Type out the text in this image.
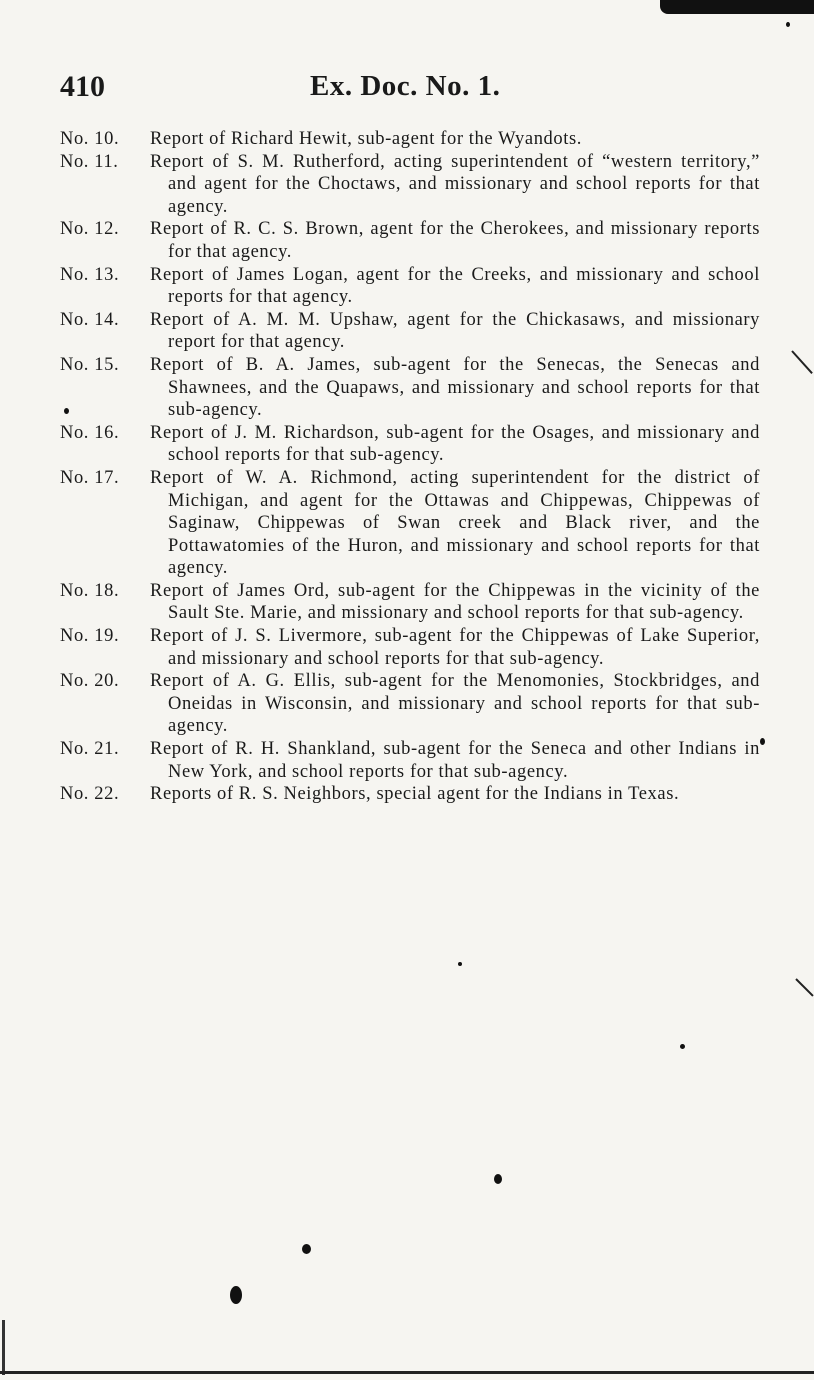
410	Ex. Doc. No. 1.
No. 10.	Report of Richard Hewit, sub-agent for the Wyandots.
No. 11.	Report of S. M. Rutherford, acting superintendent of “western territory,” and agent for the Choctaws, and missionary and school reports for that agency.
No. 12.	Report of R. C. S. Brown, agent for the Cherokees, and missionary reports for that agency.
No. 13.	Report of James Logan, agent for the Creeks, and missionary and school reports for that agency.
No. 14.	Report of A. M. M. Upshaw, agent for the Chickasaws, and missionary report for that agency.
No. 15.	Report of B. A. James, sub-agent for the Senecas, the Senecas and Shawnees, and the Quapaws, and missionary and school reports for that sub-agency.
No. 16.	Report of J. M. Richardson, sub-agent for the Osages, and missionary and school reports for that sub-agency.
No. 17.	Report of W. A. Richmond, acting superintendent for the district of Michigan, and agent for the Ottawas and Chippewas, Chippewas of Saginaw, Chippewas of Swan creek and Black river, and the Pottawatomies of the Huron, and missionary and school reports for that agency.
No. 18.	Report of James Ord, sub-agent for the Chippewas in the vicinity of the Sault Ste. Marie, and missionary and school reports for that sub-agency.
No. 19.	Report of J. S. Livermore, sub-agent for the Chippewas of Lake Superior, and missionary and school reports for that sub-agency.
No. 20.	Report of A. G. Ellis, sub-agent for the Menomonies, Stockbridges, and Oneidas in Wisconsin, and missionary and school reports for that sub-agency.
No. 21.	Report of R. H. Shankland, sub-agent for the Seneca and other Indians in New York, and school reports for that sub-agency.
No. 22.	Reports of R. S. Neighbors, special agent for the Indians in Texas.
